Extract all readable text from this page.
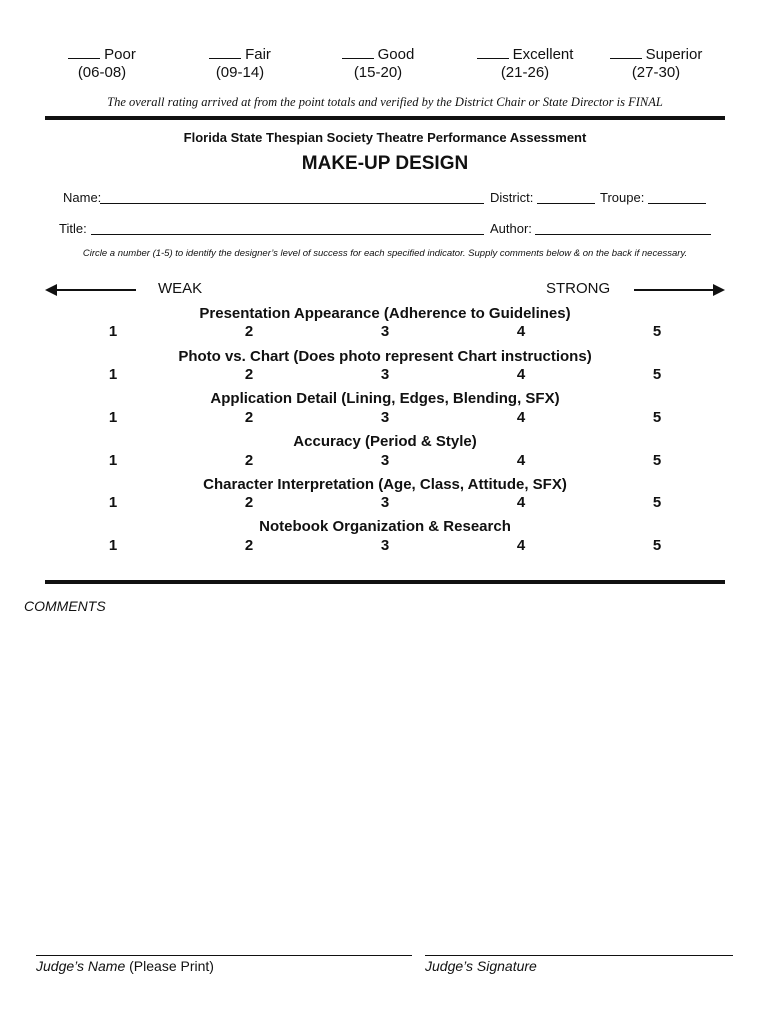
Poor
(06-08)
Fair
(09-14)
Good
(15-20)
Excellent
(21-26)
Superior
(27-30)
The overall rating arrived at from the point totals and verified by the District Chair or State Director is FINAL
Florida State Thespian Society Theatre Performance Assessment
MAKE-UP DESIGN
Name:	District:	Troupe:
Title:	Author:
Circle a number (1-5) to identify the designer’s level of success for each specified indicator. Supply comments below & on the back if necessary.
WEAK	STRONG
Presentation Appearance (Adherence to Guidelines)
1	2	3	4	5
Photo vs. Chart (Does photo represent Chart instructions)
1	2	3	4	5
Application Detail (Lining, Edges, Blending, SFX)
1	2	3	4	5
Accuracy (Period & Style)
1	2	3	4	5
Character Interpretation (Age, Class, Attitude, SFX)
1	2	3	4	5
Notebook Organization & Research
1	2	3	4	5
COMMENTS
Judge’s Name (Please Print)	Judge’s Signature
